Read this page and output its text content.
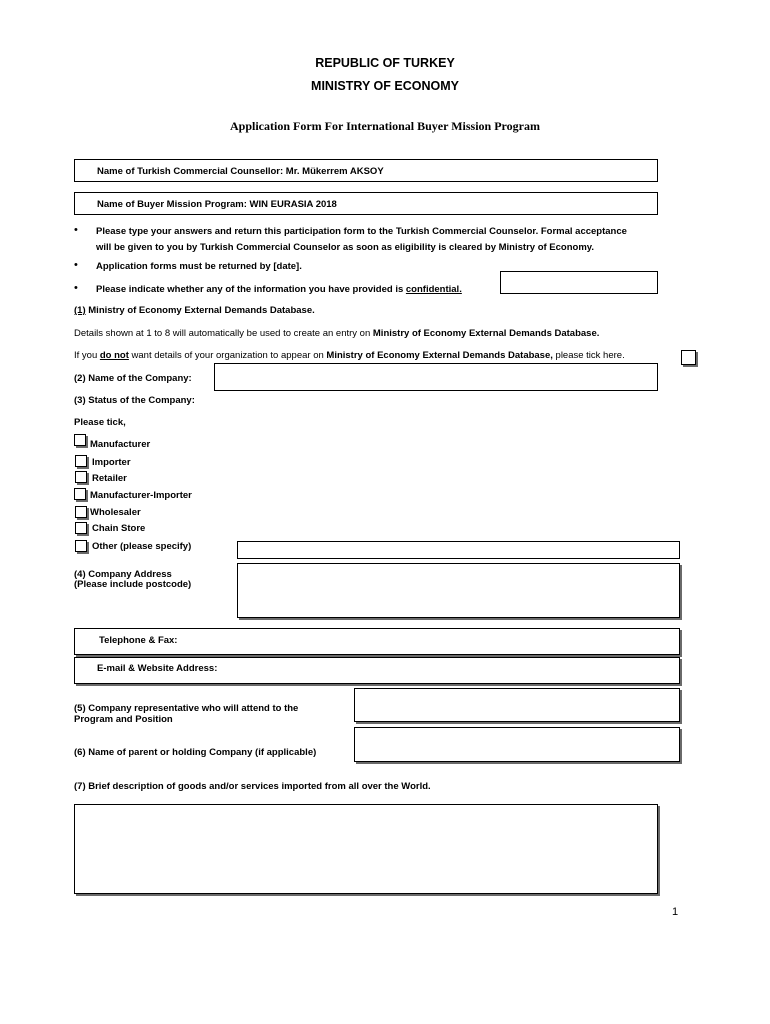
REPUBLIC OF TURKEY
MINISTRY OF ECONOMY
Application Form For International Buyer Mission Program
Name of Turkish Commercial Counsellor: Mr. Mükerrem AKSOY
Name of Buyer Mission Program: WIN EURASIA 2018
• Please type your answers and return this participation form to the Turkish Commercial Counselor. Formal acceptance
will be given to you by Turkish Commercial Counselor as soon as eligibility is cleared by Ministry of Economy.
• Application forms must be returned by [date].
• Please indicate whether any of the information you have provided is confidential.
(1) Ministry of Economy External Demands Database.
Details shown at 1 to 8 will automatically be used to create an entry on Ministry of Economy External Demands Database.
If you do not want details of your organization to appear on Ministry of Economy External Demands Database, please tick here.
(2) Name of the Company:
(3) Status of the Company:
Please tick,
Manufacturer
Importer
Retailer
Manufacturer-Importer
Wholesaler
Chain Store
Other (please specify)
(4) Company Address
(Please include postcode)
Telephone & Fax:
E-mail & Website Address:
(5) Company representative who will attend to the
Program and Position
(6) Name of parent or holding Company (if applicable)
(7) Brief description of goods and/or services imported from all over the World.
1
